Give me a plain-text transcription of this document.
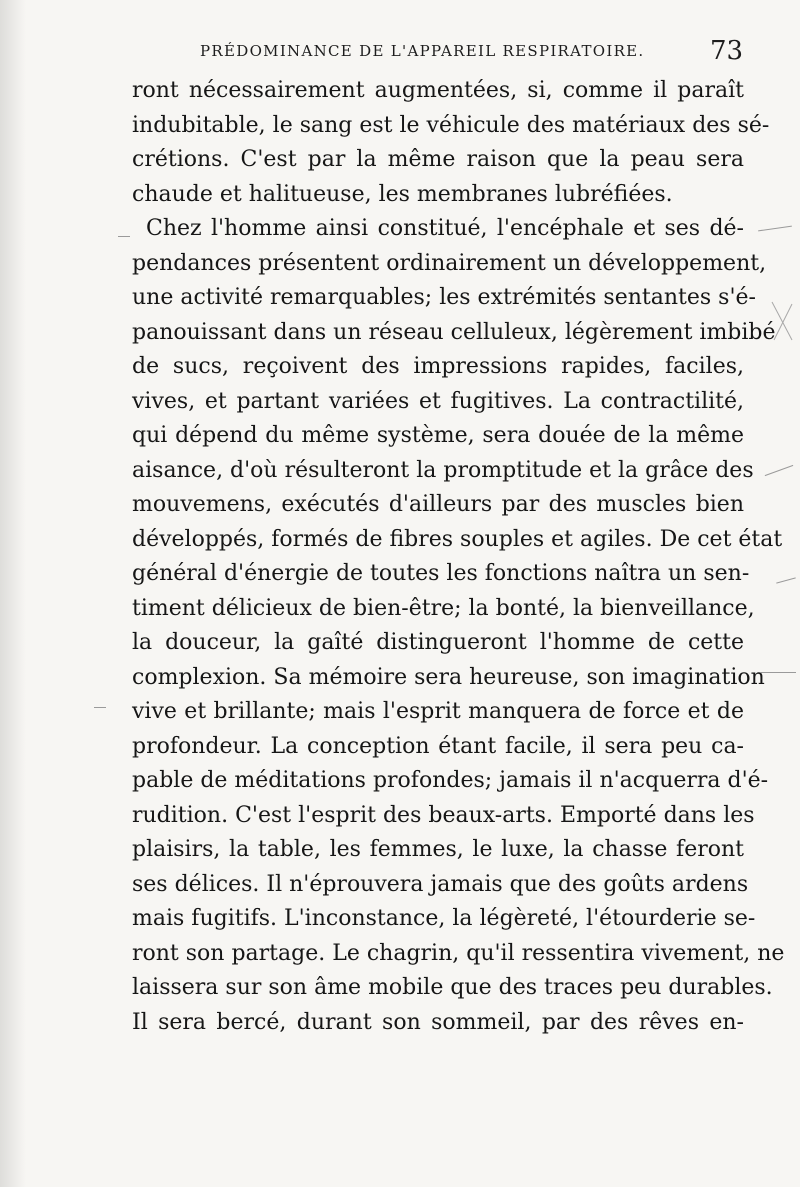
PRÉDOMINANCE DE L'APPAREIL RESPIRATOIRE.	73
ront nécessairement augmentées, si, comme il paraît
indubitable, le sang est le véhicule des matériaux des sé-
crétions. C'est par la même raison que la peau sera
chaude et halitueuse, les membranes lubréfiées.
Chez l'homme ainsi constitué, l'encéphale et ses dé-
pendances présentent ordinairement un développement,
une activité remarquables; les extrémités sentantes s'é-
panouissant dans un réseau celluleux, légèrement imbibé
de sucs, reçoivent des impressions rapides, faciles,
vives, et partant variées et fugitives. La contractilité,
qui dépend du même système, sera douée de la même
aisance, d'où résulteront la promptitude et la grâce des
mouvemens, exécutés d'ailleurs par des muscles bien
développés, formés de fibres souples et agiles. De cet état
général d'énergie de toutes les fonctions naîtra un sen-
timent délicieux de bien-être; la bonté, la bienveillance,
la douceur, la gaîté distingueront l'homme de cette
complexion. Sa mémoire sera heureuse, son imagination
vive et brillante; mais l'esprit manquera de force et de
profondeur. La conception étant facile, il sera peu ca-
pable de méditations profondes; jamais il n'acquerra d'é-
rudition. C'est l'esprit des beaux-arts. Emporté dans les
plaisirs, la table, les femmes, le luxe, la chasse feront
ses délices. Il n'éprouvera jamais que des goûts ardens
mais fugitifs. L'inconstance, la légèreté, l'étourderie se-
ront son partage. Le chagrin, qu'il ressentira vivement, ne
laissera sur son âme mobile que des traces peu durables.
Il sera bercé, durant son sommeil, par des rêves en-
